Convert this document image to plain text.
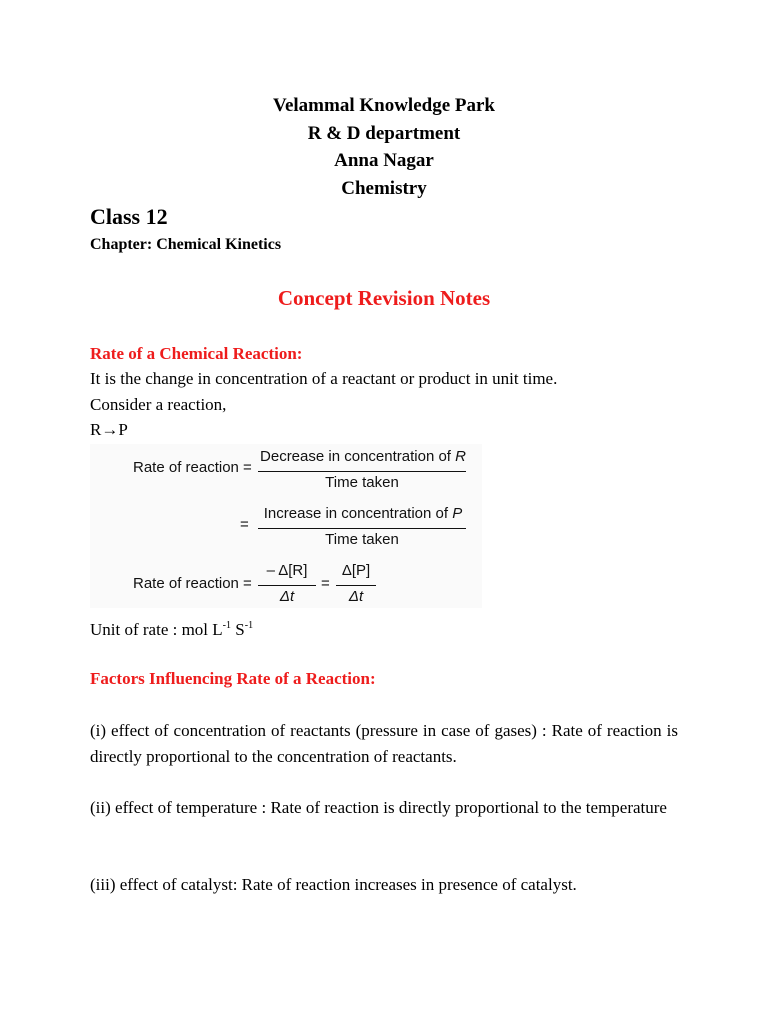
Velammal Knowledge Park
R & D department
Anna Nagar
Chemistry
Class 12
Chapter: Chemical Kinetics
Concept Revision Notes
Rate of a Chemical Reaction:
It is the change in concentration of a reactant or product in unit time.
Consider a reaction,
R→P
Rate of reaction =
Decrease in concentration of R
Time taken
=
Increase in concentration of P
Time taken
Rate of reaction =
– Δ[R]
Δt
=
Δ[P]
Δt
Unit of rate : mol $L^{-1}$ $S^{-1}$
Factors Influencing Rate of a Reaction:
(i) effect of concentration of reactants (pressure in case of gases) : Rate of reaction is directly proportional to the concentration of reactants.
(ii) effect of temperature : Rate of reaction is directly proportional to the temperature
(iii) effect of catalyst: Rate of reaction increases in presence of catalyst.
